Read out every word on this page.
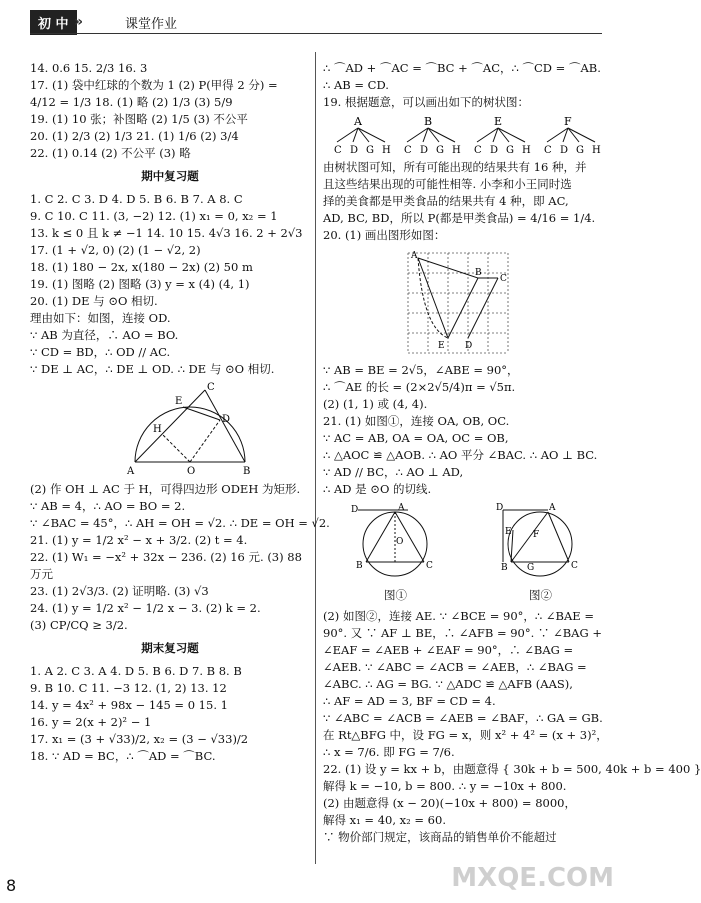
初 中 »	课堂作业
14. 0.6 15. 2/3 16. 3
17. (1) 袋中红球的个数为 1 (2) P(甲得 2 分) =
4/12 = 1/3 18. (1) 略 (2) 1/3 (3) 5/9
19. (1) 10 张；补图略 (2) 1/5 (3) 不公平
20. (1) 2/3 (2) 1/3 21. (1) 1/6 (2) 3/4
22. (1) 0.14 (2) 不公平 (3) 略
期中复习题
1. C 2. C 3. D 4. D 5. B 6. B 7. A 8. C
9. C 10. C 11. (3, −2) 12. (1) x₁ = 0, x₂ = 1
13. k ≤ 0 且 k ≠ −1 14. 10 15. 4√3 16. 2 + 2√3
17. (1 + √2, 0) (2) (1 − √2, 2)
18. (1) 180 − 2x, x(180 − 2x) (2) 50 m
19. (1) 图略 (2) 图略 (3) y = x (4) (4, 1)
20. (1) DE 与 ⊙O 相切.
理由如下：如图，连接 OD.
∵ AB 为直径，∴ AO = BO.
∵ CD = BD，∴ OD // AC.
∵ DE ⊥ AC，∴ DE ⊥ OD. ∴ DE 与 ⊙O 相切.
A	B
O
C
E
D
H
(2) 作 OH ⊥ AC 于 H，可得四边形 ODEH 为矩形.
∵ AB = 4，∴ AO = BO = 2.
∵ ∠BAC = 45°，∴ AH = OH = √2. ∴ DE = OH = √2.
21. (1) y = 1/2 x² − x + 3/2. (2) t = 4.
22. (1) W₁ = −x² + 32x − 236. (2) 16 元. (3) 88
万元
23. (1) 2√3/3. (2) 证明略. (3) √3
24. (1) y = 1/2 x² − 1/2 x − 3. (2) k = 2.
(3) CP/CQ ≥ 3/2.
期末复习题
1. A 2. C 3. A 4. D 5. B 6. D 7. B 8. B
9. B 10. C 11. −3 12. (1, 2) 13. 12
14. y = 4x² + 98x − 145 = 0 15. 1
16. y = 2(x + 2)² − 1
17. x₁ = (3 + √33)/2, x₂ = (3 − √33)/2
18. ∵ AD = BC，∴ ⌒AD = ⌒BC.
∴ ⌒AD + ⌒AC = ⌒BC + ⌒AC，∴ ⌒CD = ⌒AB.
∴ AB = CD.
19. 根据题意，可以画出如下的树状图：
A
C D G H
B
C D G H
E
C D G H
F
C D G H
由树状图可知，所有可能出现的结果共有 16 种，并
且这些结果出现的可能性相等. 小李和小王同时选
择的美食都是甲类食品的结果共有 4 种，即 AC,
AD, BC, BD，所以 P(都是甲类食品) = 4/16 = 1/4.
20. (1) 画出图形如图：
A
B
C
D
E
∵ AB = BE = 2√5，∠ABE = 90°，
∴ ⌒AE 的长 = (2×2√5/4)π = √5π.
(2) (1, 1) 或 (4, 4).
21. (1) 如图①，连接 OA, OB, OC.
∵ AC = AB, OA = OA, OC = OB,
∴ △AOC ≌ △AOB. ∴ AO 平分 ∠BAC. ∴ AO ⊥ BC.
∵ AD // BC，∴ AO ⊥ AD,
∴ AD 是 ⊙O 的切线.
D	A
O
B	C
图①
D	A
E F
B	C
G
图②
(2) 如图②，连接 AE. ∵ ∠BCE = 90°，∴ ∠BAE =
90°. 又 ∵ AF ⊥ BE，∴ ∠AFB = 90°. ∵ ∠BAG +
∠EAF = ∠AEB + ∠EAF = 90°，∴ ∠BAG =
∠AEB. ∵ ∠ABC = ∠ACB = ∠AEB，∴ ∠BAG =
∠ABC. ∴ AG = BG. ∵ △ADC ≌ △AFB (AAS),
∴ AF = AD = 3, BF = CD = 4.
∵ ∠ABC = ∠ACB = ∠AEB = ∠BAF，∴ GA = GB.
在 Rt△BFG 中，设 FG = x，则 x² + 4² = (x + 3)²，
∴ x = 7/6. 即 FG = 7/6.
22. (1) 设 y = kx + b，由题意得 { 30k + b = 500, 40k + b = 400 }
解得 k = −10, b = 800. ∴ y = −10x + 800.
(2) 由题意得 (x − 20)(−10x + 800) = 8000，
解得 x₁ = 40, x₂ = 60.
∵ 物价部门规定，该商品的销售单价不能超过
8	MXQE.COM
